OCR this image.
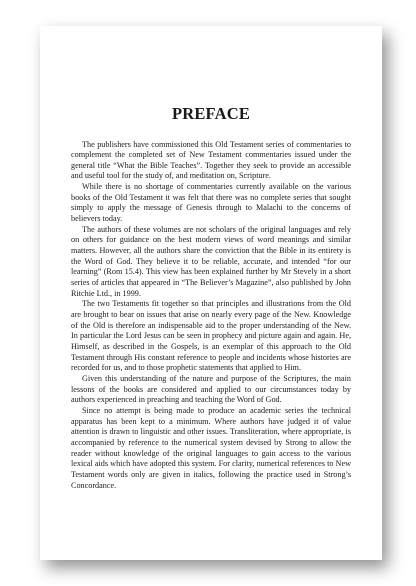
PREFACE

The publishers have commissioned this Old Testament series of commentaries to complement the completed set of New Testament commentaries issued under the general title “What the Bible Teaches”. Together they seek to provide an accessible and useful tool for the study of, and meditation on, Scripture.

While there is no shortage of commentaries currently available on the various books of the Old Testament it was felt that there was no complete series that sought simply to apply the message of Genesis through to Malachi to the concerns of believers today.

The authors of these volumes are not scholars of the original languages and rely on others for guidance on the best modern views of word meanings and similar matters. However, all the authors share the conviction that the Bible in its entirety is the Word of God. They believe it to be reliable, accurate, and intended “for our learning” (Rom 15.4). This view has been explained further by Mr Stevely in a short series of articles that appeared in “The Believer’s Magazine”, also published by John Ritchie Ltd., in 1999.

The two Testaments fit together so that principles and illustrations from the Old are brought to bear on issues that arise on nearly every page of the New. Knowledge of the Old is therefore an indispensable aid to the proper understanding of the New. In particular the Lord Jesus can be seen in prophecy and picture again and again. He, Himself, as described in the Gospels, is an exemplar of this approach to the Old Testament through His constant reference to people and incidents whose histories are recorded for us, and to those prophetic statements that applied to Him.

Given this understanding of the nature and purpose of the Scriptures, the main lessons of the books are considered and applied to our circumstances today by authors experienced in preaching and teaching the Word of God.

Since no attempt is being made to produce an academic series the technical apparatus has been kept to a minimum. Where authors have judged it of value attention is drawn to linguistic and other issues. Transliteration, where appropriate, is accompanied by reference to the numerical system devised by Strong to allow the reader without knowledge of the original languages to gain access to the various lexical aids which have adopted this system. For clarity, numerical references to New Testament words only are given in italics, following the practice used in Strong’s Concordance.
